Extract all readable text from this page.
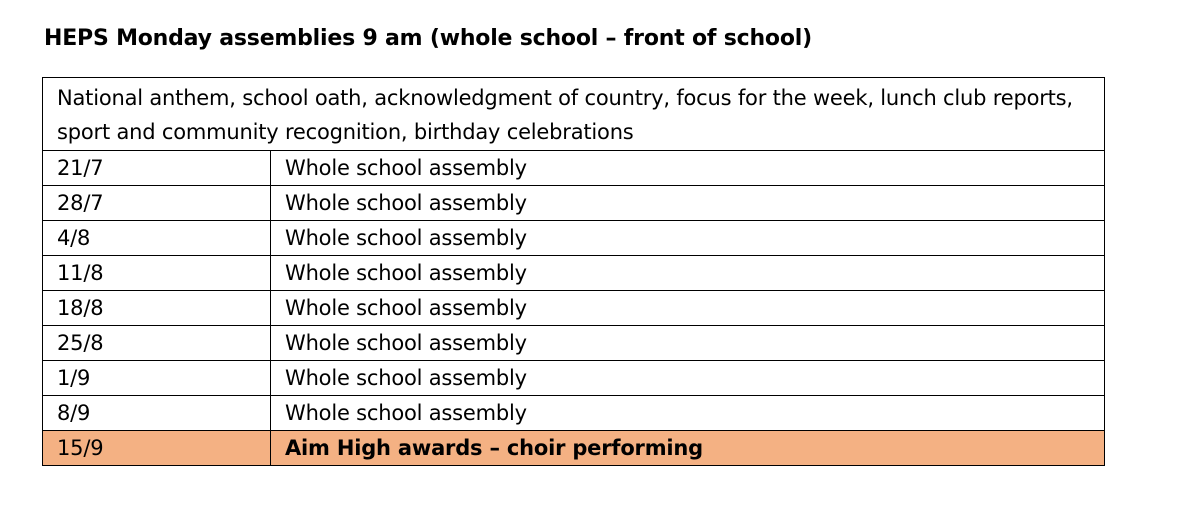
HEPS Monday assemblies 9 am (whole school – front of school)
National anthem, school oath, acknowledgment of country, focus for the week, lunch club reports, sport and community recognition, birthday celebrations	
21/7	Whole school assembly
28/7	Whole school assembly
4/8	Whole school assembly
11/8	Whole school assembly
18/8	Whole school assembly
25/8	Whole school assembly
1/9	Whole school assembly
8/9	Whole school assembly
15/9	Aim High awards – choir performing
